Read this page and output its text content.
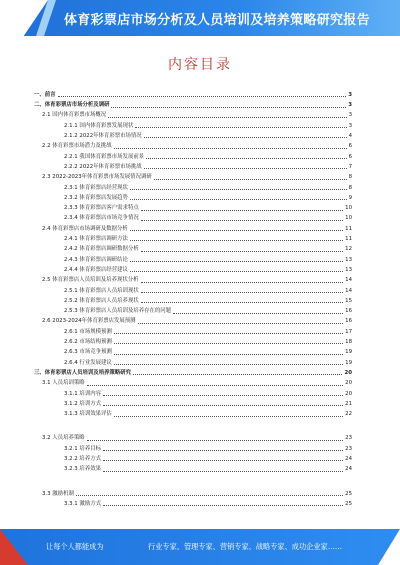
体育彩票店市场分析及人员培训及培养策略研究报告
内容目录
一、前言	3
二、体育彩票店市场分析及调研	3
2.1 国内体育彩票市场概况	3
2.1.1 国内体育彩票发展现状	3
2.1.2 2022年体育彩票市场情况	4
2.2 体育彩票市场潜力及挑战	6
2.2.1 我国体育彩票市场发展前景	6
2.2.2 2022年体育彩票市场挑战	7
2.3 2022-2023年体育彩票市场发展情况调研	8
2.3.1 体育彩票店经营现状	8
2.3.2 体育彩票店发展趋势	9
2.3.3 体育彩票店客户需求特点	10
2.3.4 体育彩票店市场竞争情况	10
2.4 体育彩票店市场调研及数据分析	11
2.4.1 体育彩票店调研方法	11
2.4.2 体育彩票店调研数据分析	12
2.4.3 体育彩票店调研结论	13
2.4.4 体育彩票店经营建议	13
2.5 体育彩票店人员培训及培养现状分析	14
2.5.1 体育彩票店人员培训现状	14
2.5.2 体育彩票店人员培养现状	15
2.5.3 体育彩票店人员培训及培养存在的问题	16
2.6 2023-2024年体育彩票店发展预测	16
2.6.1 市场规模预测	17
2.6.2 市场结构预测	18
2.6.3 市场竞争预测	19
2.6.4 行业发展建议	19
三、体育彩票店人员培训及培养策略研究	20
3.1 人员培训策略	20
3.1.1 培训内容	20
3.1.2 培训方式	21
3.1.3 培训效果评估	22
3.2 人员培养策略	23
3.2.1 培养目标	23
3.2.2 培养方式	24
3.2.3 培养效果	24
3.3 激励机制	25
3.3.1 激励方式	25
让每个人都能成为	行业专家、管理专家、营销专家、战略专家、成功企业家……
